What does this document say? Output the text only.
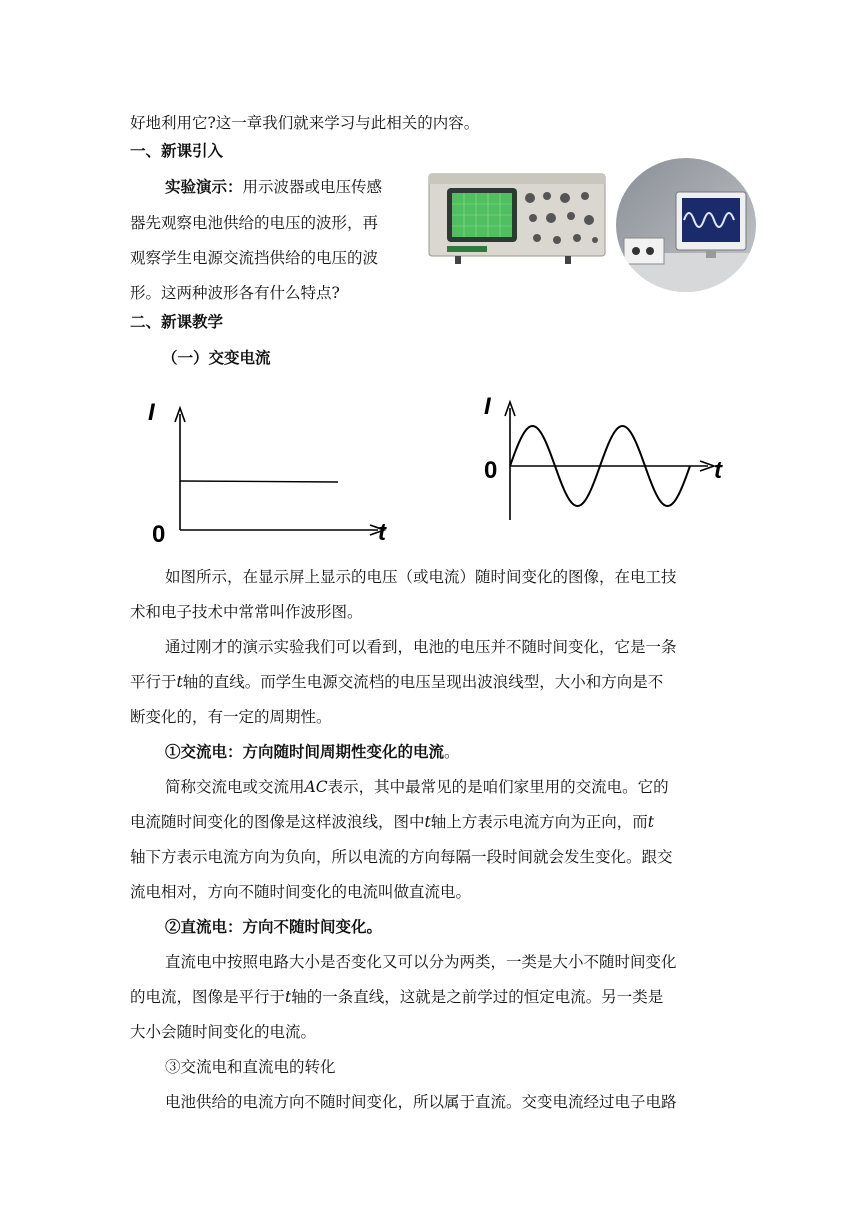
好地利用它?这一章我们就来学习与此相关的内容。
一、新课引入
实验演示：用示波器或电压传感
器先观察电池供给的电压的波形，再
观察学生电源交流挡供给的电压的波
形。这两种波形各有什么特点?
二、新课教学
（一）交变电流
I
0	t
I
0	t
如图所示，在显示屏上显示的电压（或电流）随时间变化的图像，在电工技
术和电子技术中常常叫作波形图。
通过刚才的演示实验我们可以看到，电池的电压并不随时间变化，它是一条
平行于t轴的直线。而学生电源交流档的电压呈现出波浪线型，大小和方向是不
断变化的，有一定的周期性。
①交流电：方向随时间周期性变化的电流。
简称交流电或交流用AC表示，其中最常见的是咱们家里用的交流电。它的
电流随时间变化的图像是这样波浪线，图中t轴上方表示电流方向为正向，而t
轴下方表示电流方向为负向，所以电流的方向每隔一段时间就会发生变化。跟交
流电相对，方向不随时间变化的电流叫做直流电。
②直流电：方向不随时间变化。
直流电中按照电路大小是否变化又可以分为两类，一类是大小不随时间变化
的电流，图像是平行于t轴的一条直线，这就是之前学过的恒定电流。另一类是
大小会随时间变化的电流。
③交流电和直流电的转化
电池供给的电流方向不随时间变化，所以属于直流。交变电流经过电子电路
